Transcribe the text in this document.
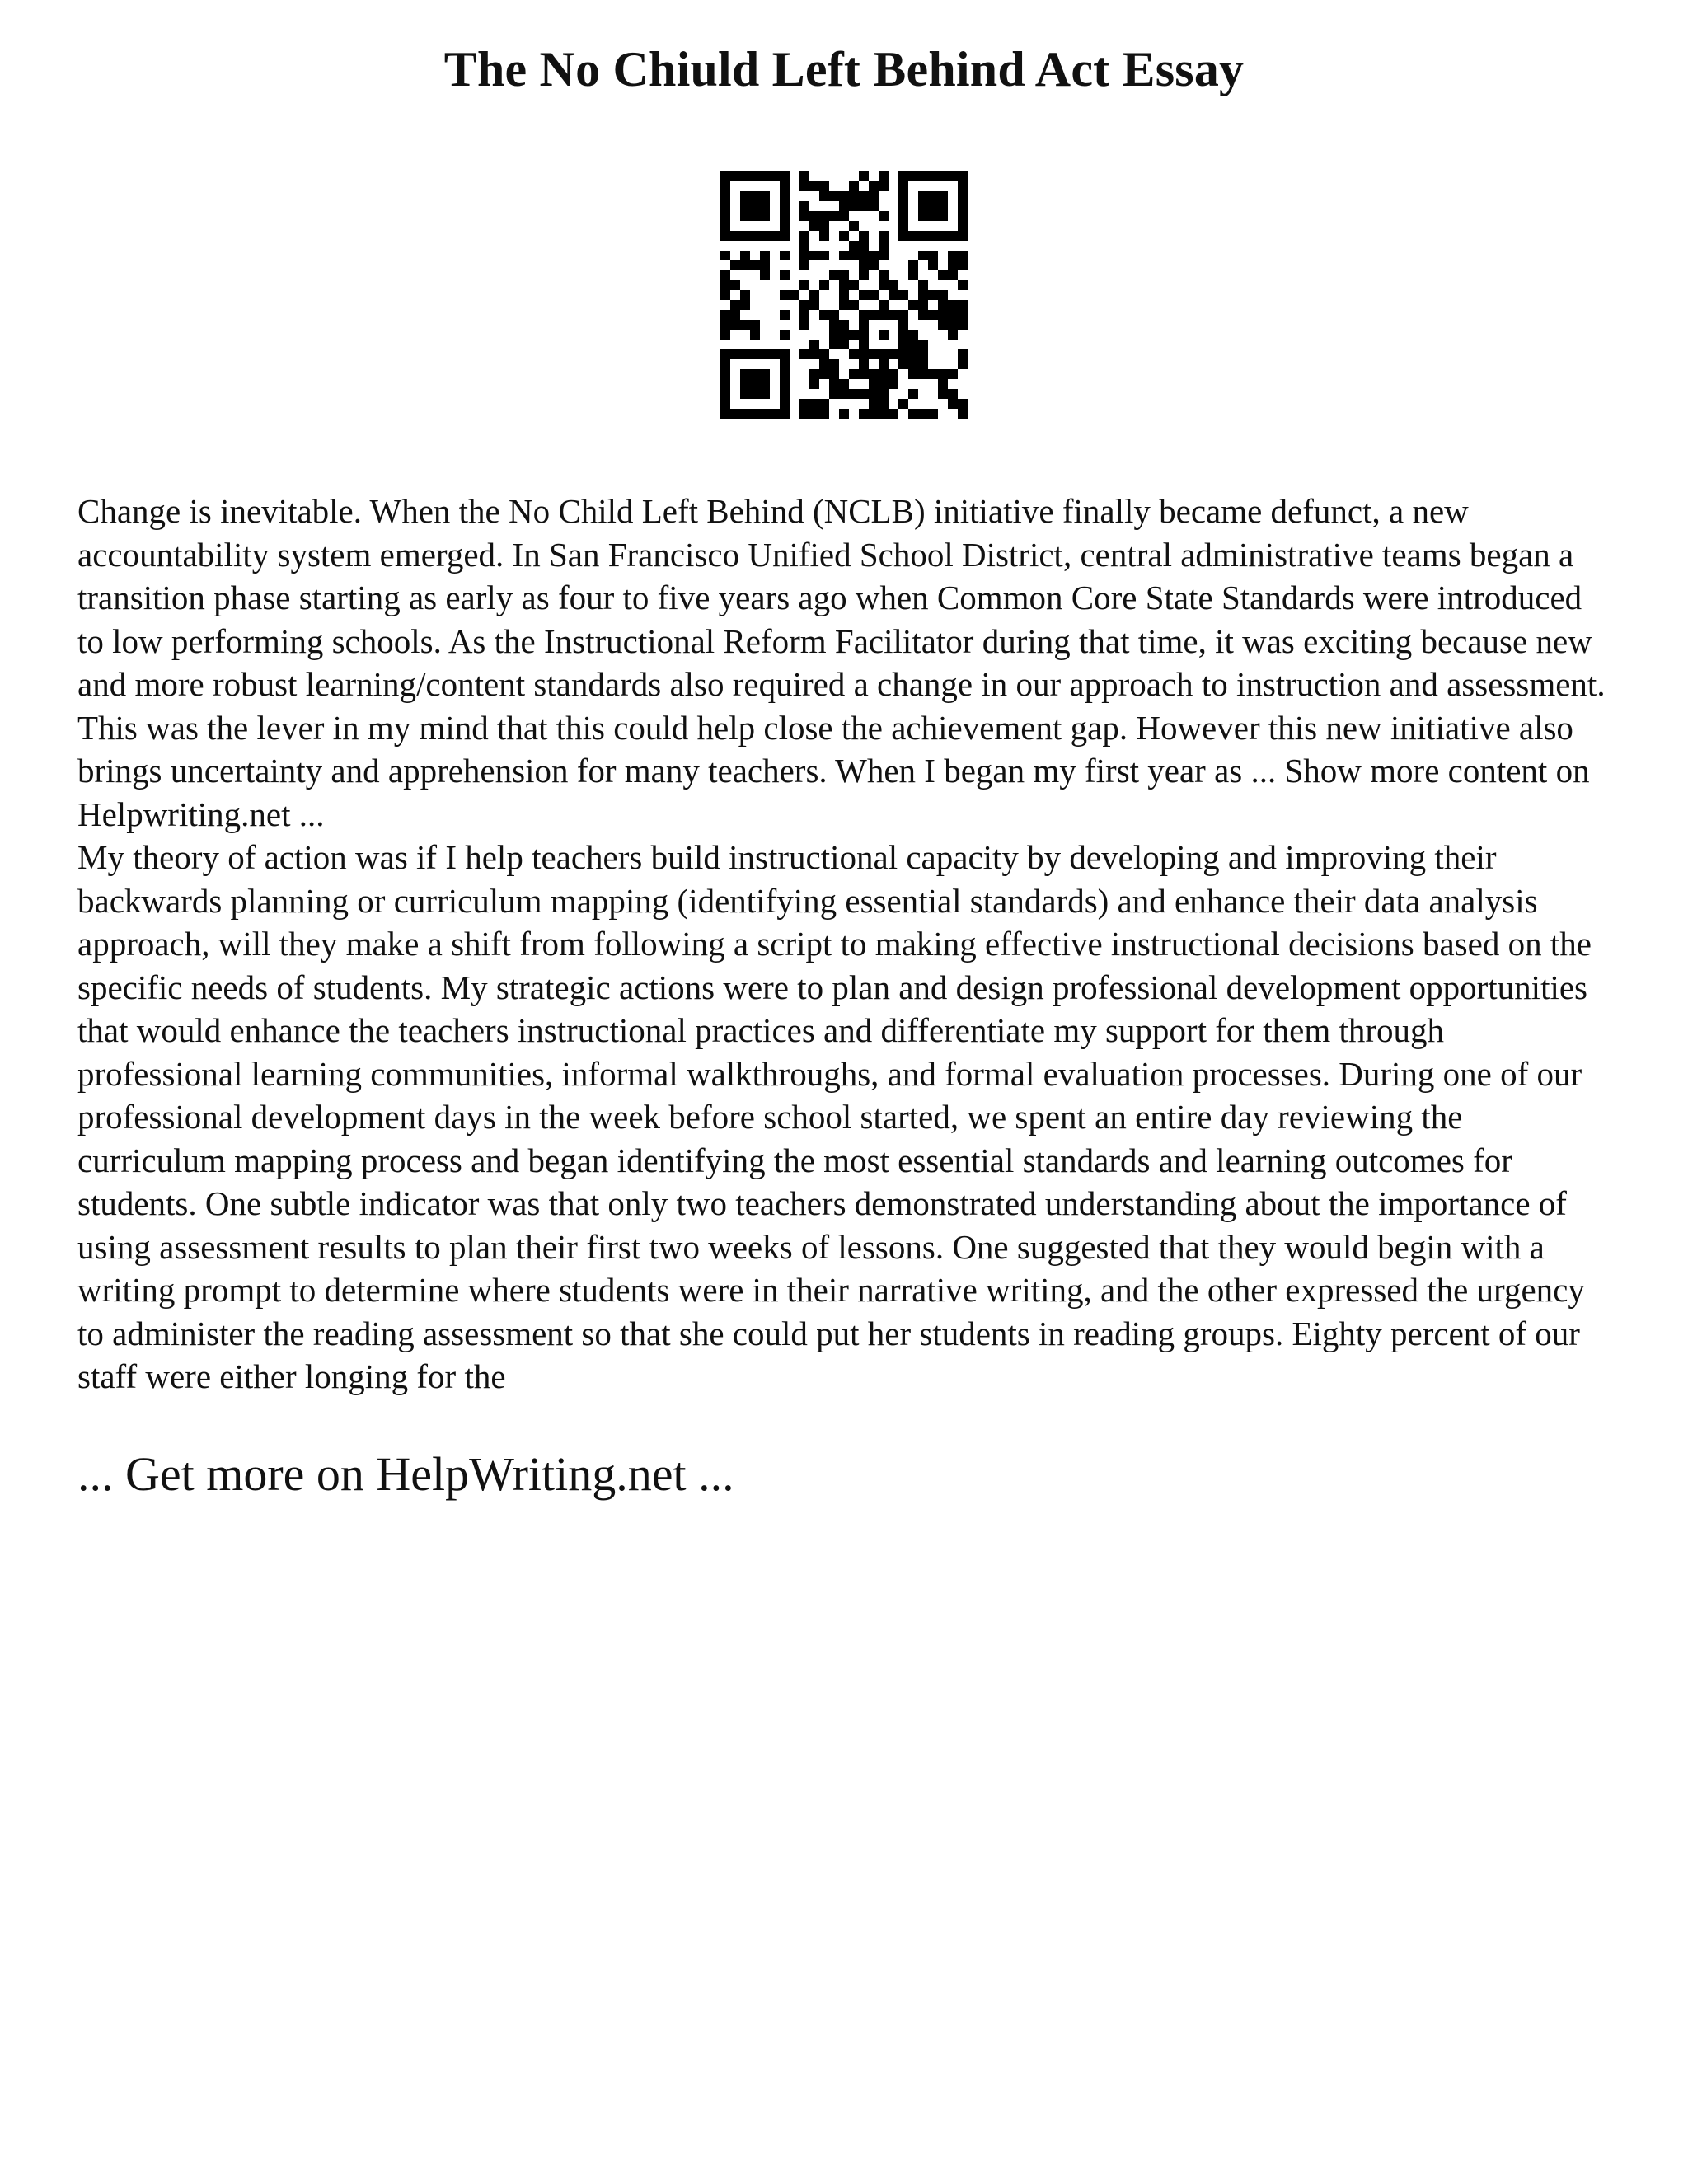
The No Chiuld Left Behind Act Essay

Change is inevitable. When the No Child Left Behind (NCLB) initiative finally became defunct, a new accountability system emerged. In San Francisco Unified School District, central administrative teams began a transition phase starting as early as four to five years ago when Common Core State Standards were introduced to low performing schools. As the Instructional Reform Facilitator during that time, it was exciting because new and more robust learning/content standards also required a change in our approach to instruction and assessment. This was the lever in my mind that this could help close the achievement gap. However this new initiative also brings uncertainty and apprehension for many teachers. When I began my first year as ... Show more content on Helpwriting.net ...

My theory of action was if I help teachers build instructional capacity by developing and improving their backwards planning or curriculum mapping (identifying essential standards) and enhance their data analysis approach, will they make a shift from following a script to making effective instructional decisions based on the specific needs of students. My strategic actions were to plan and design professional development opportunities that would enhance the teachers instructional practices and differentiate my support for them through professional learning communities, informal walkthroughs, and formal evaluation processes. During one of our professional development days in the week before school started, we spent an entire day reviewing the curriculum mapping process and began identifying the most essential standards and learning outcomes for students. One subtle indicator was that only two teachers demonstrated understanding about the importance of using assessment results to plan their first two weeks of lessons. One suggested that they would begin with a writing prompt to determine where students were in their narrative writing, and the other expressed the urgency to administer the reading assessment so that she could put her students in reading groups. Eighty percent of our staff were either longing for the

... Get more on HelpWriting.net ...
